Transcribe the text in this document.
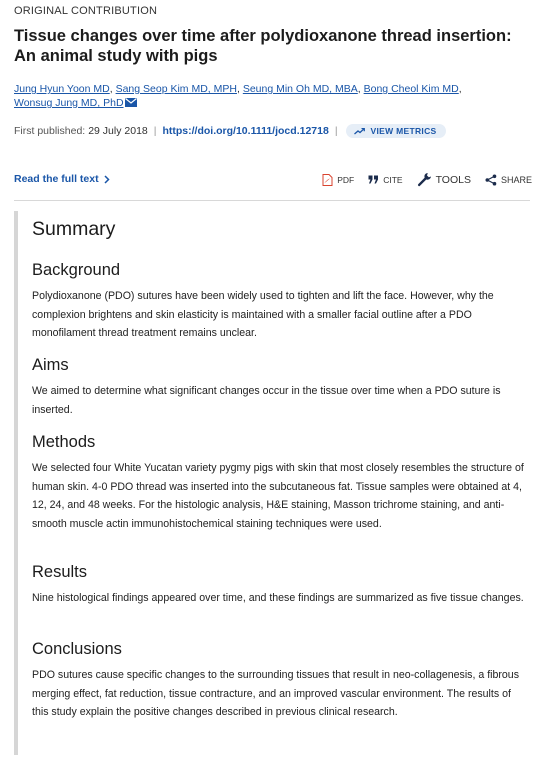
ORIGINAL CONTRIBUTION
Tissue changes over time after polydioxanone thread insertion: An animal study with pigs
Jung Hyun Yoon MD, Sang Seop Kim MD, MPH, Seung Min Oh MD, MBA, Bong Cheol Kim MD,
Wonsug Jung MD, PhD
First published: 29 July 2018 | https://doi.org/10.1111/jocd.12718 |	VIEW METRICS
Read the full text	PDF	CITE	TOOLS	SHARE
Summary
Background

Polydioxanone (PDO) sutures have been widely used to tighten and lift the face. However, why the complexion brightens and skin elasticity is maintained with a smaller facial outline after a PDO monofilament thread treatment remains unclear.

Aims

We aimed to determine what significant changes occur in the tissue over time when a PDO suture is inserted.

Methods

We selected four White Yucatan variety pygmy pigs with skin that most closely resembles the structure of human skin. 4-0 PDO thread was inserted into the subcutaneous fat. Tissue samples were obtained at 4, 12, 24, and 48 weeks. For the histologic analysis, H&E staining, Masson trichrome staining, and anti-smooth muscle actin immunohistochemical staining techniques were used.

Results

Nine histological findings appeared over time, and these findings are summarized as five tissue changes.

Conclusions

PDO sutures cause specific changes to the surrounding tissues that result in neo-collagenesis, a fibrous merging effect, fat reduction, tissue contracture, and an improved vascular environment. The results of this study explain the positive changes described in previous clinical research.
